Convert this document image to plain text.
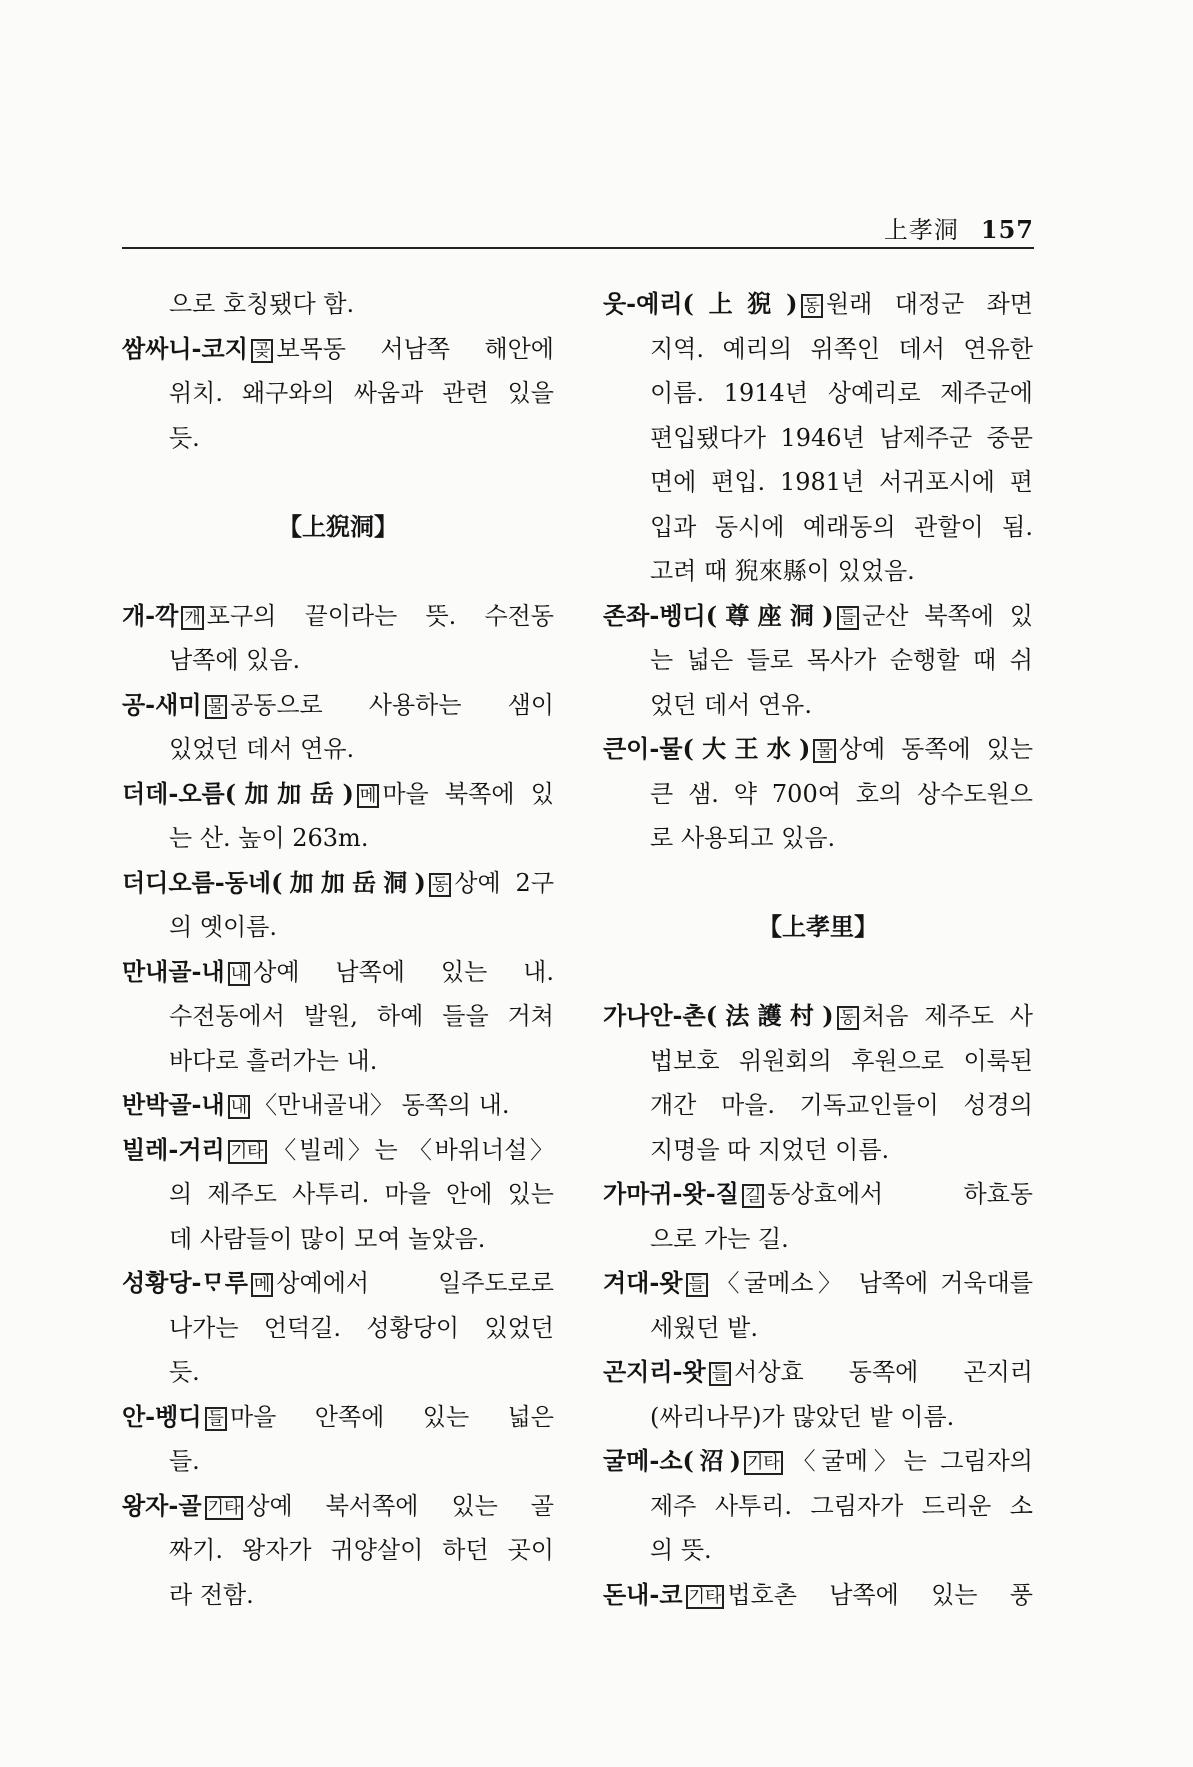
上孝洞 157
으로 호칭됐다 함.
쌈싸니-코지 곶 보목동 서남쪽 해안에
위치. 왜구와의 싸움과 관련 있을
듯.
【上猊洞】
개-깍 개 포구의 끝이라는 뜻. 수전동
남쪽에 있음.
공-새미 물 공동으로 사용하는 샘이
있었던 데서 연유.
더데-오름(加加岳) 메 마을 북쪽에 있
는 산. 높이 263m.
더디오름-동네(加加岳洞) 동 상예 2구
의 옛이름.
만내골-내 내 상예 남쪽에 있는 내.
수전동에서 발원, 하예 들을 거쳐
바다로 흘러가는 내.
반박골-내 내 〈만내골내〉 동쪽의 내.
빌레-거리 기타 〈빌레〉는 〈바위너설〉
의 제주도 사투리. 마을 안에 있는
데 사람들이 많이 모여 놀았음.
성황당-ᄆᆞ루 메 상예에서 일주도로로
나가는 언덕길. 성황당이 있었던
듯.
안-벵디 들 마을 안쪽에 있는 넓은
들.
왕자-골 기타 상예 북서쪽에 있는 골
짜기. 왕자가 귀양살이 하던 곳이
라 전함.
웃-예리(上猊) 동 원래 대정군 좌면
지역. 예리의 위쪽인 데서 연유한
이름. 1914년 상예리로 제주군에
편입됐다가 1946년 남제주군 중문
면에 편입. 1981년 서귀포시에 편
입과 동시에 예래동의 관할이 됨.
고려 때 猊來縣이 있었음.
존좌-벵디(尊座洞) 들 군산 북쪽에 있
는 넓은 들로 목사가 순행할 때 쉬
었던 데서 연유.
큰이-물(大王水) 물 상예 동쪽에 있는
큰 샘. 약 700여 호의 상수도원으
로 사용되고 있음.
【上孝里】
가나안-촌(法護村) 동 처음 제주도 사
법보호 위원회의 후원으로 이룩된
개간 마을. 기독교인들이 성경의
지명을 따 지었던 이름.
가마귀-왓-질 길 동상효에서 하효동
으로 가는 길.
겨대-왓 들 〈굴메소〉 남쪽에 거욱대를
세웠던 밭.
곤지리-왓 들 서상효 동쪽에 곤지리
(싸리나무)가 많았던 밭 이름.
굴메-소(沼) 기타 〈굴메〉는 그림자의
제주 사투리. 그림자가 드리운 소
의 뜻.
돈내-코 기타 법호촌 남쪽에 있는 풍
